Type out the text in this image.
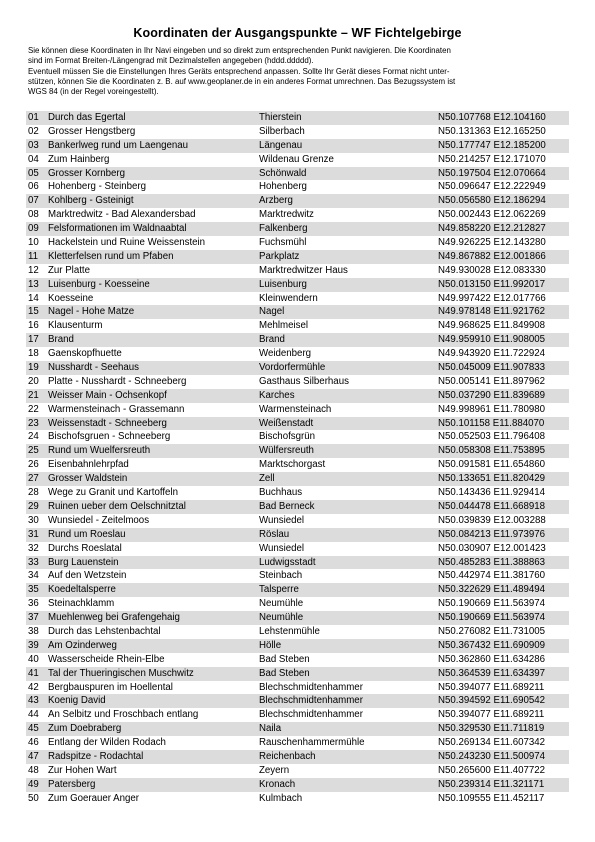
Koordinaten der Ausgangspunkte – WF Fichtelgebirge
Sie können diese Koordinaten in Ihr Navi eingeben und so direkt zum entsprechenden Punkt navigieren. Die Koordinaten
sind im Format Breiten-/Längengrad mit Dezimalstellen angegeben (hddd.ddddd).
Eventuell müssen Sie die Einstellungen Ihres Geräts entsprechend anpassen. Sollte Ihr Gerät dieses Format nicht unter-
stützen, können Sie die Koordinaten z. B. auf www.geoplaner.de in ein anderes Format umrechnen. Das Bezugssystem ist
WGS 84 (in der Regel voreingestellt).
01 Durch das Egertal	Thierstein	N50.107768 E12.104160
02 Grosser Hengstberg	Silberbach	N50.131363 E12.165250
03 Bankerlweg rund um Laengenau	Längenau	N50.177747 E12.185200
04 Zum Hainberg	Wildenau Grenze	N50.214257 E12.171070
05 Grosser Kornberg	Schönwald	N50.197504 E12.070664
06 Hohenberg - Steinberg	Hohenberg	N50.096647 E12.222949
07 Kohlberg - Gsteinigt	Arzberg	N50.056580 E12.186294
08 Marktredwitz - Bad Alexandersbad	Marktredwitz	N50.002443 E12.062269
09 Felsformationen im Waldnaabtal	Falkenberg	N49.858220 E12.212827
10 Hackelstein und Ruine Weissenstein	Fuchsmühl	N49.926225 E12.143280
11 Kletterfelsen rund um Pfaben	Parkplatz	N49.867882 E12.001866
12 Zur Platte	Marktredwitzer Haus	N49.930028 E12.083330
13 Luisenburg - Koesseine	Luisenburg	N50.013150 E11.992017
14 Koesseine	Kleinwendern	N49.997422 E12.017766
15 Nagel - Hohe Matze	Nagel	N49.978148 E11.921762
16 Klausenturm	Mehlmeisel	N49.968625 E11.849908
17 Brand	Brand	N49.959910 E11.908005
18 Gaenskopfhuette	Weidenberg	N49.943920 E11.722924
19 Nusshardt - Seehaus	Vordorfermühle	N50.045009 E11.907833
20 Platte - Nusshardt - Schneeberg	Gasthaus Silberhaus	N50.005141 E11.897962
21 Weisser Main - Ochsenkopf	Karches	N50.037290 E11.839689
22 Warmensteinach - Grassemann	Warmensteinach	N49.998961 E11.780980
23 Weissenstadt - Schneeberg	Weißenstadt	N50.101158 E11.884070
24 Bischofsgruen - Schneeberg	Bischofsgrün	N50.052503 E11.796408
25 Rund um Wuelfersreuth	Wülfersreuth	N50.058308 E11.753895
26 Eisenbahnlehrpfad	Marktschorgast	N50.091581 E11.654860
27 Grosser Waldstein	Zell	N50.133651 E11.820429
28 Wege zu Granit und Kartoffeln	Buchhaus	N50.143436 E11.929414
29 Ruinen ueber dem Oelschnitztal	Bad Berneck	N50.044478 E11.668918
30 Wunsiedel - Zeitelmoos	Wunsiedel	N50.039839 E12.003288
31 Rund um Roeslau	Röslau	N50.084213 E11.973976
32 Durchs Roeslatal	Wunsiedel	N50.030907 E12.001423
33 Burg Lauenstein	Ludwigsstadt	N50.485283 E11.388863
34 Auf den Wetzstein	Steinbach	N50.442974 E11.381760
35 Koedeltalsperre	Talsperre	N50.322629 E11.489494
36 Steinachklamm	Neumühle	N50.190669 E11.563974
37 Muehlenweg bei Grafengehaig	Neumühle	N50.190669 E11.563974
38 Durch das Lehstenbachtal	Lehstenmühle	N50.276082 E11.731005
39 Am Ozinderweg	Hölle	N50.367432 E11.690909
40 Wasserscheide Rhein-Elbe	Bad Steben	N50.362860 E11.634286
41 Tal der Thueringischen Muschwitz	Bad Steben	N50.364539 E11.634397
42 Bergbauspuren im Hoellental	Blechschmidtenhammer	N50.394077 E11.689211
43 Koenig David	Blechschmidtenhammer	N50.394592 E11.690542
44 An Selbitz und Froschbach entlang	Blechschmidtenhammer	N50.394077 E11.689211
45 Zum Doebraberg	Naila	N50.329530 E11.711819
46 Entlang der Wilden Rodach	Rauschenhammermühle	N50.269134 E11.607342
47 Radspitze - Rodachtal	Reichenbach	N50.243230 E11.500974
48 Zur Hohen Wart	Zeyern	N50.265600 E11.407722
49 Patersberg	Kronach	N50.239314 E11.321171
50 Zum Goerauer Anger	Kulmbach	N50.109555 E11.452117
